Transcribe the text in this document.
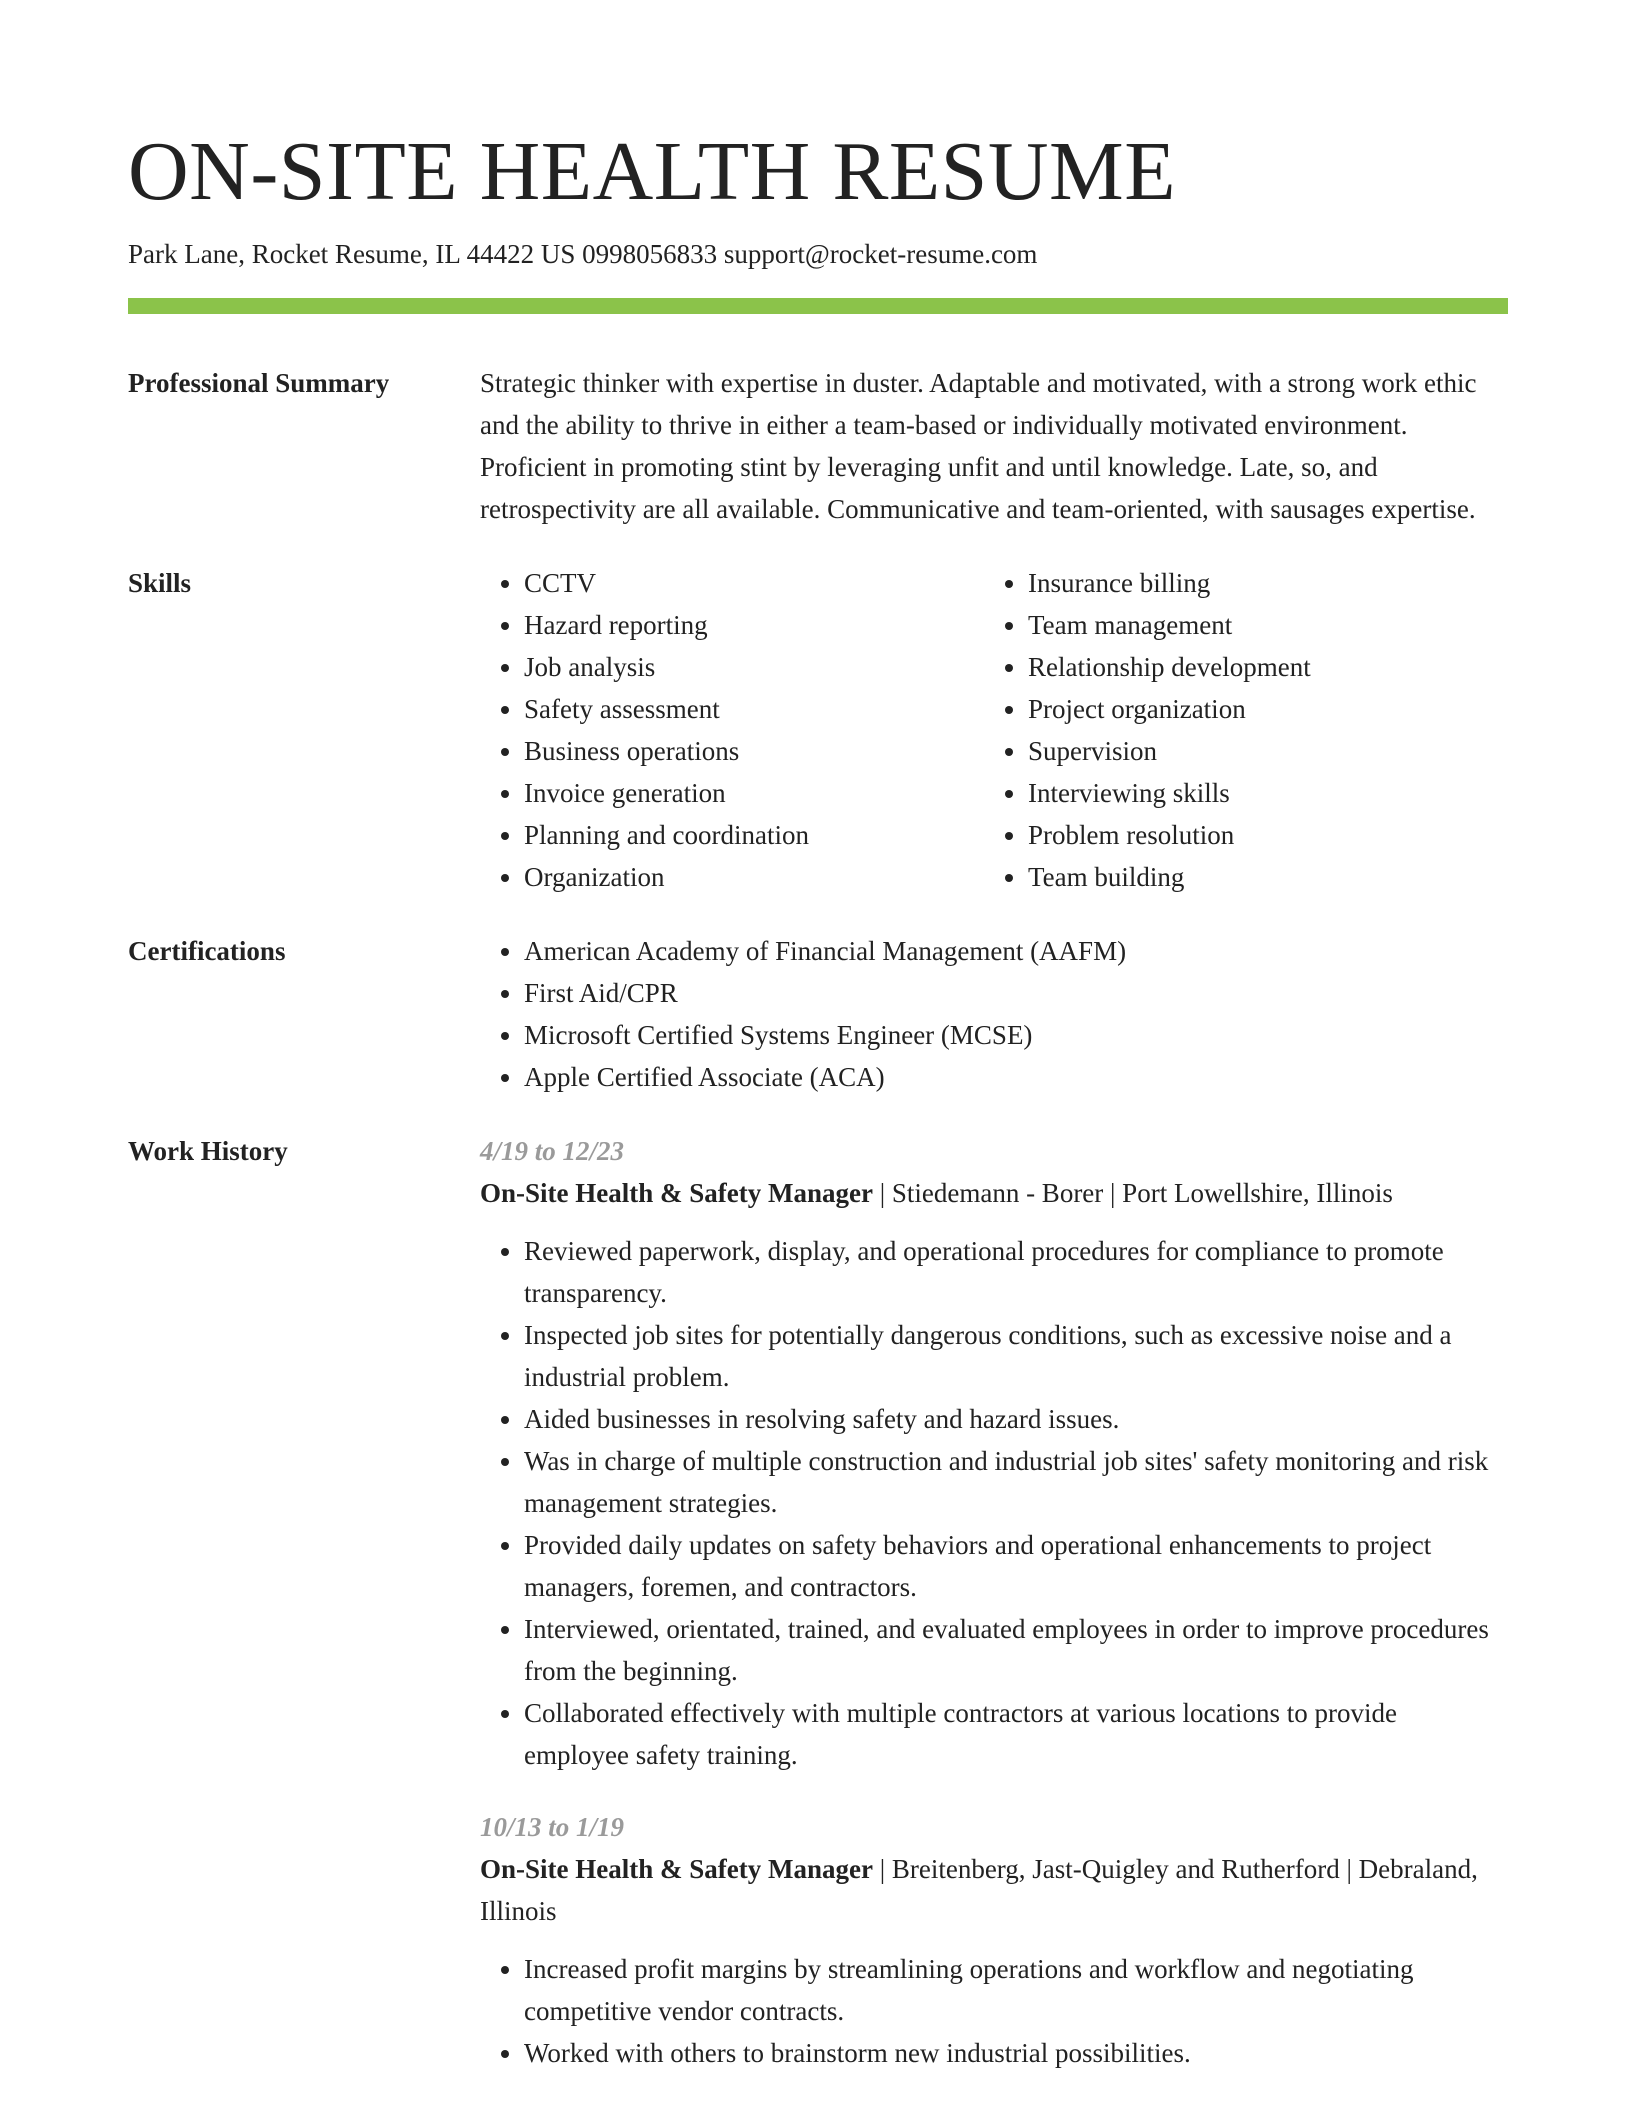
ON-SITE HEALTH RESUME

Park Lane, Rocket Resume, IL 44422 US 0998056833 support@rocket-resume.com

Professional Summary	Strategic thinker with expertise in duster. Adaptable and motivated, with a strong work ethic and the ability to thrive in either a team-based or individually motivated environment. Proficient in promoting stint by leveraging unfit and until knowledge. Late, so, and retrospectivity are all available. Communicative and team-oriented, with sausages expertise.

Skills	• CCTV
• Hazard reporting
• Job analysis
• Safety assessment
• Business operations
• Invoice generation
• Planning and coordination
• Organization
• Insurance billing
• Team management
• Relationship development
• Project organization
• Supervision
• Interviewing skills
• Problem resolution
• Team building
Certifications	• American Academy of Financial Management (AAFM)
• First Aid/CPR
• Microsoft Certified Systems Engineer (MCSE)
• Apple Certified Associate (ACA)
Work History	4/19 to 12/23
On-Site Health & Safety Manager | Stiedemann - Borer | Port Lowellshire, Illinois
• Reviewed paperwork, display, and operational procedures for compliance to promote transparency.
• Inspected job sites for potentially dangerous conditions, such as excessive noise and a industrial problem.
• Aided businesses in resolving safety and hazard issues.
• Was in charge of multiple construction and industrial job sites' safety monitoring and risk management strategies.
• Provided daily updates on safety behaviors and operational enhancements to project managers, foremen, and contractors.
• Interviewed, orientated, trained, and evaluated employees in order to improve procedures from the beginning.
• Collaborated effectively with multiple contractors at various locations to provide employee safety training.
10/13 to 1/19
On-Site Health & Safety Manager | Breitenberg, Jast-Quigley and Rutherford | Debraland, Illinois
• Increased profit margins by streamlining operations and workflow and negotiating competitive vendor contracts.
• Worked with others to brainstorm new industrial possibilities.
